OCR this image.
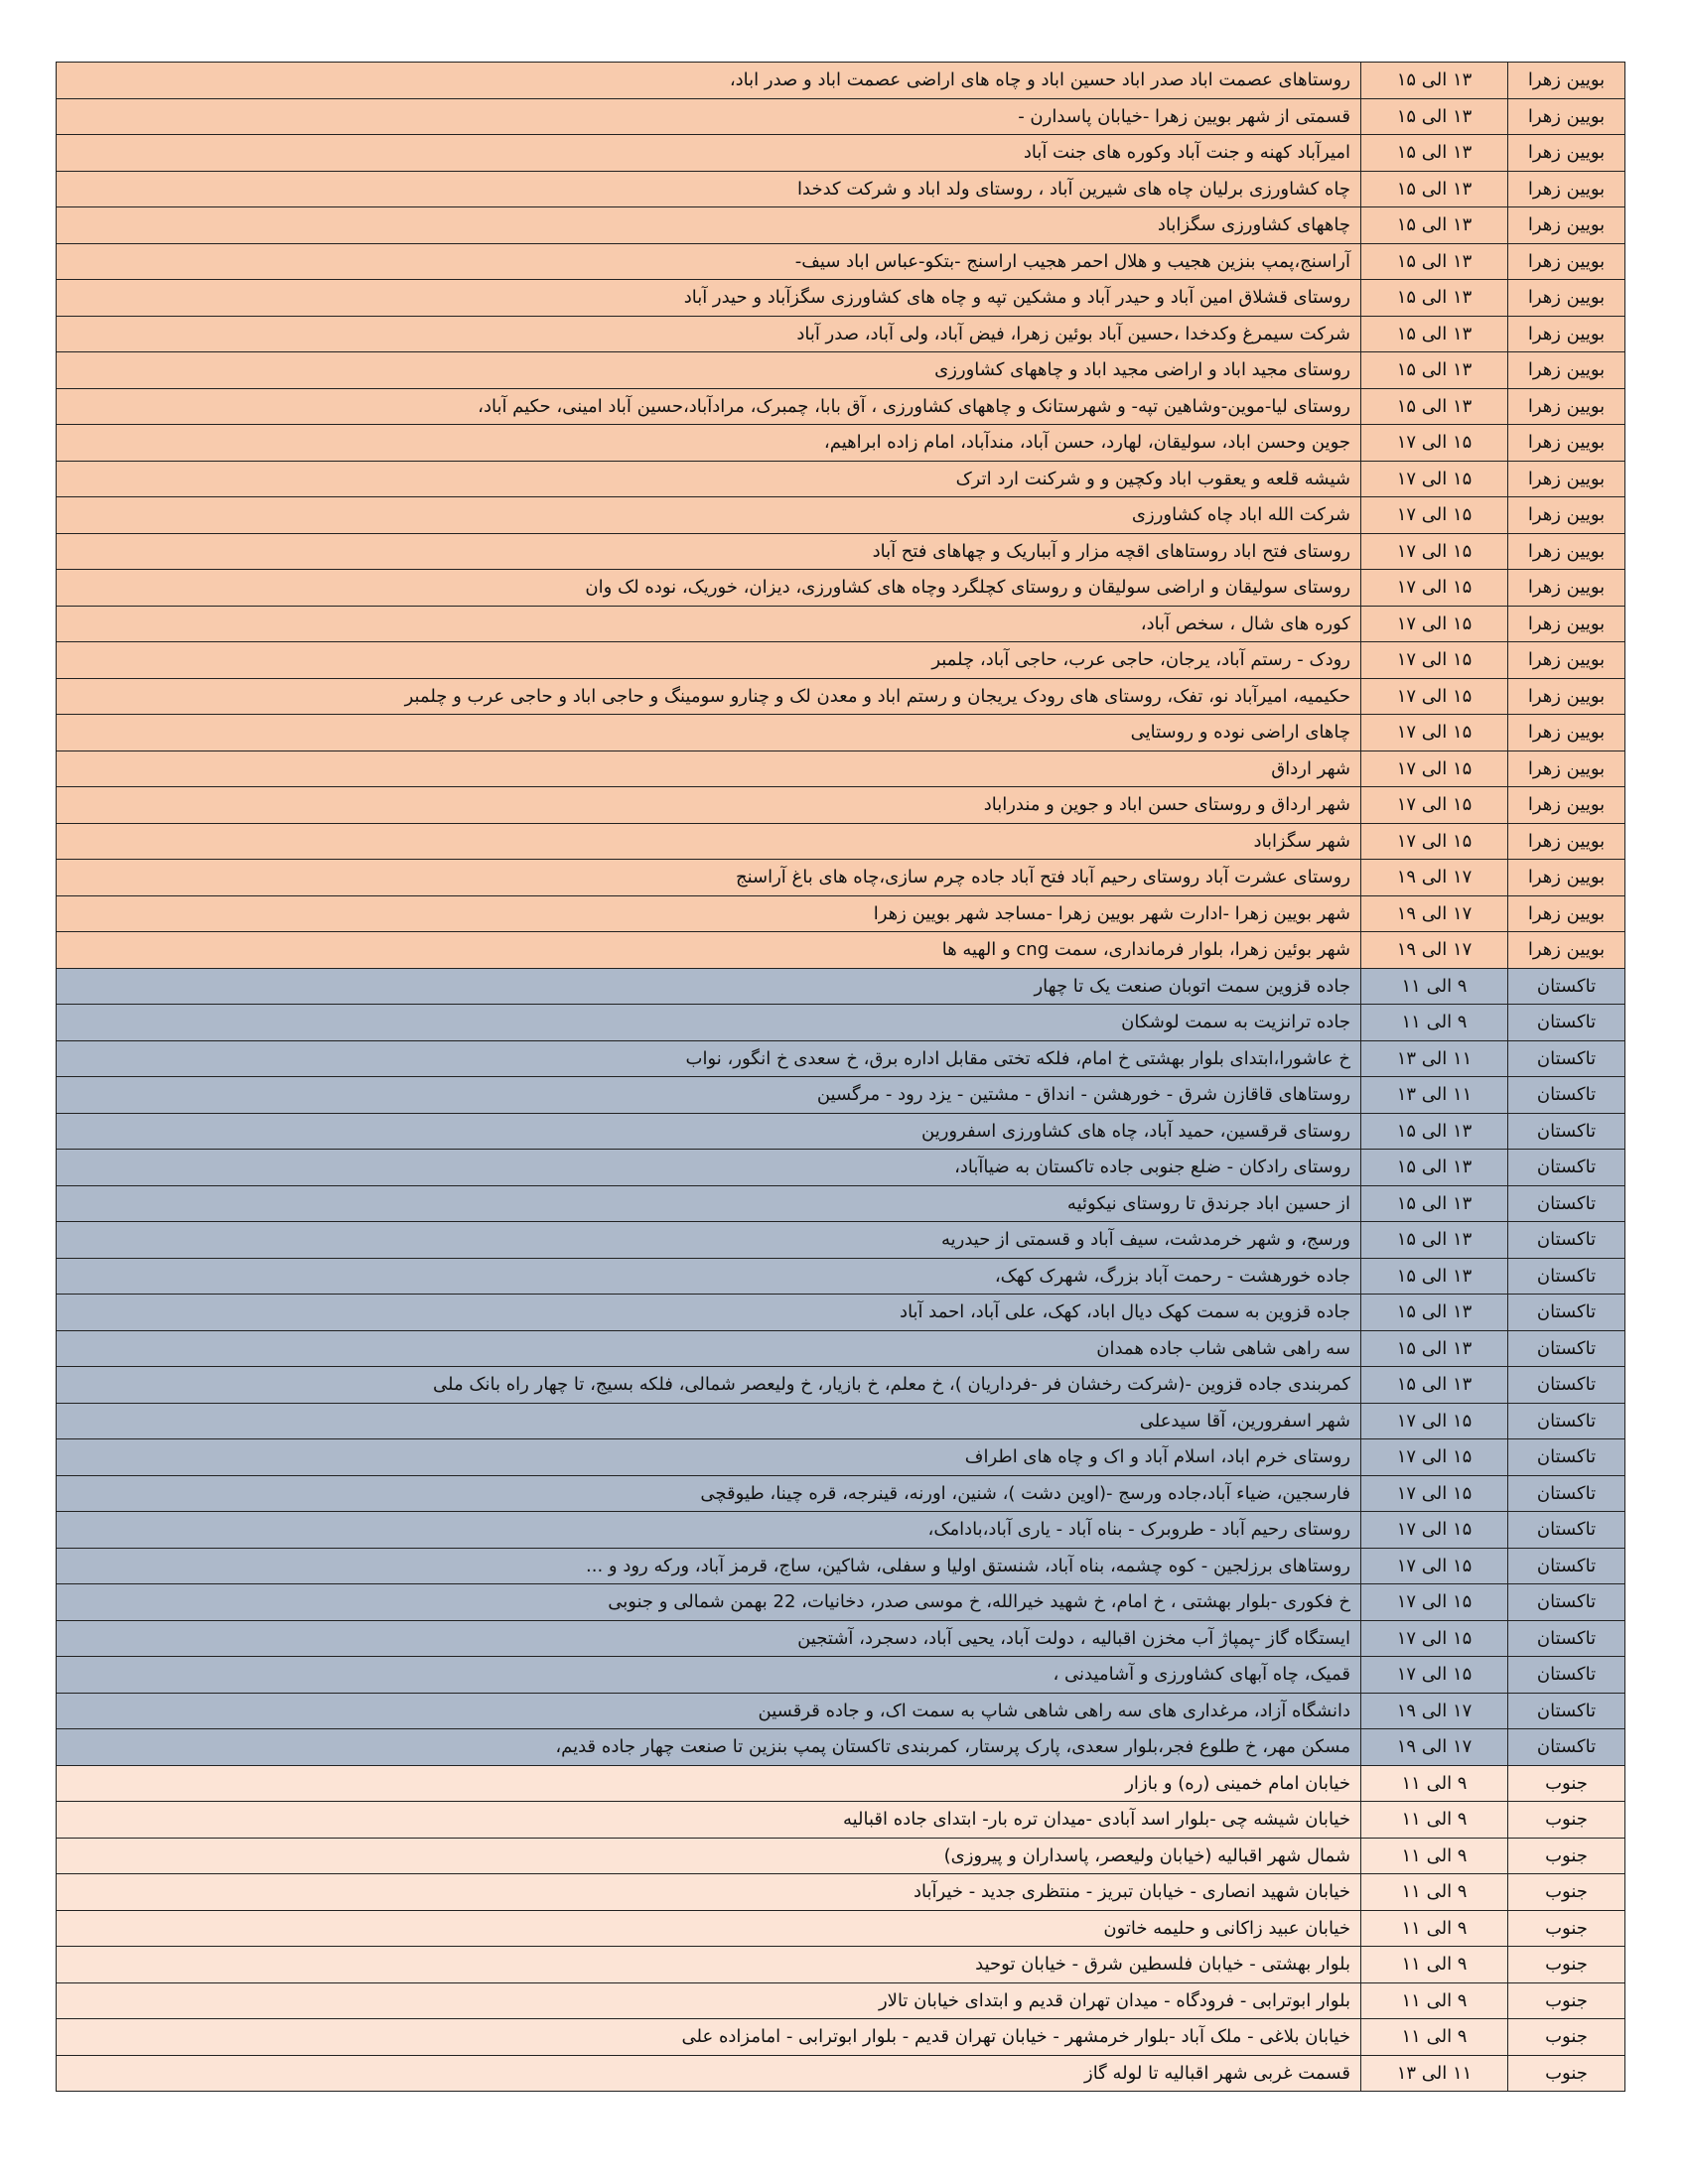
بویین زهرا	۱۳ الی ۱۵	روستاهای عصمت اباد صدر اباد حسین اباد و چاه های اراضی عصمت اباد و صدر اباد،
بویین زهرا	۱۳ الی ۱۵	قسمتی از شهر بویین زهرا -خیابان پاسدارن -
بویین زهرا	۱۳ الی ۱۵	امیرآباد کهنه و جنت آباد وکوره های جنت آباد
بویین زهرا	۱۳ الی ۱۵	چاه کشاورزی برلیان چاه های شیرین آباد ، روستای ولد اباد و شرکت کدخدا
بویین زهرا	۱۳ الی ۱۵	چاههای کشاورزی سگزاباد
بویین زهرا	۱۳ الی ۱۵	آراسنج،پمپ بنزین هجیب و هلال احمر هجیب اراسنج -بتکو-عباس اباد سیف-
بویین زهرا	۱۳ الی ۱۵	روستای قشلاق امین آباد و حیدر آباد و مشکین تپه و چاه های کشاورزی سگزآباد و حیدر آباد
بویین زهرا	۱۳ الی ۱۵	شرکت سیمرغ وکدخدا ،حسین آباد بوئین زهرا، فیض آباد، ولی آباد، صدر آباد
بویین زهرا	۱۳ الی ۱۵	روستای مجید اباد و اراضی مجید اباد و چاههای کشاورزی
بویین زهرا	۱۳ الی ۱۵	روستای لیا-موین-وشاهین تپه- و شهرستانک و چاههای کشاورزی ، آق بابا، چمبرک، مرادآباد،حسین آباد امینی، حکیم آباد،
بویین زهرا	۱۵ الی ۱۷	جوین وحسن اباد، سولیقان، لهارد، حسن آباد، مندآباد، امام زاده ابراهیم،
بویین زهرا	۱۵ الی ۱۷	شیشه قلعه و یعقوب اباد وکچین و و شرکنت ارد اترک
بویین زهرا	۱۵ الی ۱۷	شرکت الله اباد چاه کشاورزی
بویین زهرا	۱۵ الی ۱۷	روستای فتح اباد روستاهای اقچه مزار و آبباریک و چهاهای فتح آباد
بویین زهرا	۱۵ الی ۱۷	روستای سولیقان و اراضی سولیقان و روستای کچلگرد وچاه های کشاورزی، دیزان، خوریک، نوده لک وان
بویین زهرا	۱۵ الی ۱۷	کوره های شال ، سخص آباد،
بویین زهرا	۱۵ الی ۱۷	رودک - رستم آباد، یرجان، حاجی عرب، حاجی آباد، چلمبر
بویین زهرا	۱۵ الی ۱۷	حکیمیه، امیرآباد نو، تفک، روستای های رودک یریجان و رستم اباد و معدن لک و چنارو سومینگ و حاجی اباد و حاجی عرب و چلمبر
بویین زهرا	۱۵ الی ۱۷	چاهای اراضی نوده و روستایی
بویین زهرا	۱۵ الی ۱۷	شهر ارداق
بویین زهرا	۱۵ الی ۱۷	شهر ارداق و روستای حسن اباد و جوین و مندراباد
بویین زهرا	۱۵ الی ۱۷	شهر سگزاباد
بویین زهرا	۱۷ الی ۱۹	روستای عشرت آباد روستای رحیم آباد فتح آباد جاده چرم سازی،چاه های باغ آراسنج
بویین زهرا	۱۷ الی ۱۹	شهر بویین زهرا -ادارت شهر بویین زهرا -مساجد شهر بویین زهرا
بویین زهرا	۱۷ الی ۱۹	شهر بوئین زهرا، بلوار فرمانداری، سمت cng و الهیه ها
تاکستان	۹ الی ۱۱	جاده قزوین سمت اتوبان صنعت یک تا چهار
تاکستان	۹ الی ۱۱	جاده ترانزیت به سمت لوشکان
تاکستان	۱۱ الی ۱۳	خ عاشورا،ابتدای بلوار بهشتی خ امام، فلکه تختی مقابل اداره برق، خ سعدی خ انگور، نواب
تاکستان	۱۱ الی ۱۳	روستاهای قاقازن شرق - خورهشن - انداق - مشتین - یزد رود - مرگسین
تاکستان	۱۳ الی ۱۵	روستای قرقسین، حمید آباد، چاه های کشاورزی اسفرورین
تاکستان	۱۳ الی ۱۵	روستای رادکان - ضلع جنوبی جاده تاکستان به ضیاآباد،
تاکستان	۱۳ الی ۱۵	از حسین اباد جرندق تا روستای نیکوئیه
تاکستان	۱۳ الی ۱۵	ورسج، و شهر خرمدشت، سیف آباد و قسمتی از حیدریه
تاکستان	۱۳ الی ۱۵	جاده خورهشت - رحمت آباد بزرگ، شهرک کهک،
تاکستان	۱۳ الی ۱۵	جاده قزوین به سمت کهک دیال اباد، کهک، علی آباد، احمد آباد
تاکستان	۱۳ الی ۱۵	سه راهی شاهی شاب جاده همدان
تاکستان	۱۳ الی ۱۵	کمربندی جاده قزوین -(شرکت رخشان فر -فرداریان )، خ معلم، خ بازیار، خ ولیعصر شمالی، فلکه بسیج، تا چهار راه بانک ملی
تاکستان	۱۵ الی ۱۷	شهر اسفرورین، آقا سیدعلی
تاکستان	۱۵ الی ۱۷	روستای خرم اباد، اسلام آباد و اک و چاه های اطراف
تاکستان	۱۵ الی ۱۷	فارسجین، ضیاء آباد،جاده ورسج -(اوین دشت )، شنین، اورنه، قینرجه، قره چینا، طیوقچی
تاکستان	۱۵ الی ۱۷	روستای رحیم آباد - طروبرک - بناه آباد - یاری آباد،بادامک،
تاکستان	۱۵ الی ۱۷	روستاهای برزلجین - کوه چشمه، بناه آباد، شنستق اولیا و سفلی، شاکین، ساج، قرمز آباد، ورکه رود و ...
تاکستان	۱۵ الی ۱۷	خ فکوری -بلوار بهشتی ، خ امام، خ شهید خیرالله، خ موسی صدر، دخانیات، 22 بهمن شمالی و جنوبی
تاکستان	۱۵ الی ۱۷	ایستگاه گاز -پمپاژ آب مخزن اقبالیه ، دولت آباد، یحیی آباد، دسجرد، آشتجین
تاکستان	۱۵ الی ۱۷	قمیک، چاه آبهای کشاورزی و آشامیدنی ،
تاکستان	۱۷ الی ۱۹	دانشگاه آزاد، مرغداری های سه راهی شاهی شاپ به سمت اک، و جاده قرقسین
تاکستان	۱۷ الی ۱۹	مسکن مهر، خ طلوع فجر،بلوار سعدی، پارک پرستار، کمربندی تاکستان پمپ بنزین تا صنعت چهار جاده قدیم،
جنوب	۹ الی ۱۱	خیابان امام خمینی (ره) و بازار
جنوب	۹ الی ۱۱	خیابان شیشه چی -بلوار اسد آبادی -میدان تره بار- ابتدای جاده اقبالیه
جنوب	۹ الی ۱۱	شمال شهر اقبالیه (خیابان ولیعصر، پاسداران و پیروزی)
جنوب	۹ الی ۱۱	خیابان شهید انصاری - خیابان تبریز - منتظری جدید - خیرآباد
جنوب	۹ الی ۱۱	خیابان عبید زاکانی و حلیمه خاتون
جنوب	۹ الی ۱۱	بلوار بهشتی - خیابان فلسطین شرق - خیابان توحید
جنوب	۹ الی ۱۱	بلوار ابوترابی - فرودگاه - میدان تهران قدیم و ابتدای خیابان تالار
جنوب	۹ الی ۱۱	خیابان بلاغی - ملک آباد -بلوار خرمشهر - خیابان تهران قدیم - بلوار ابوترابی - امامزاده علی
جنوب	۱۱ الی ۱۳	قسمت غربی شهر اقبالیه تا لوله گاز
